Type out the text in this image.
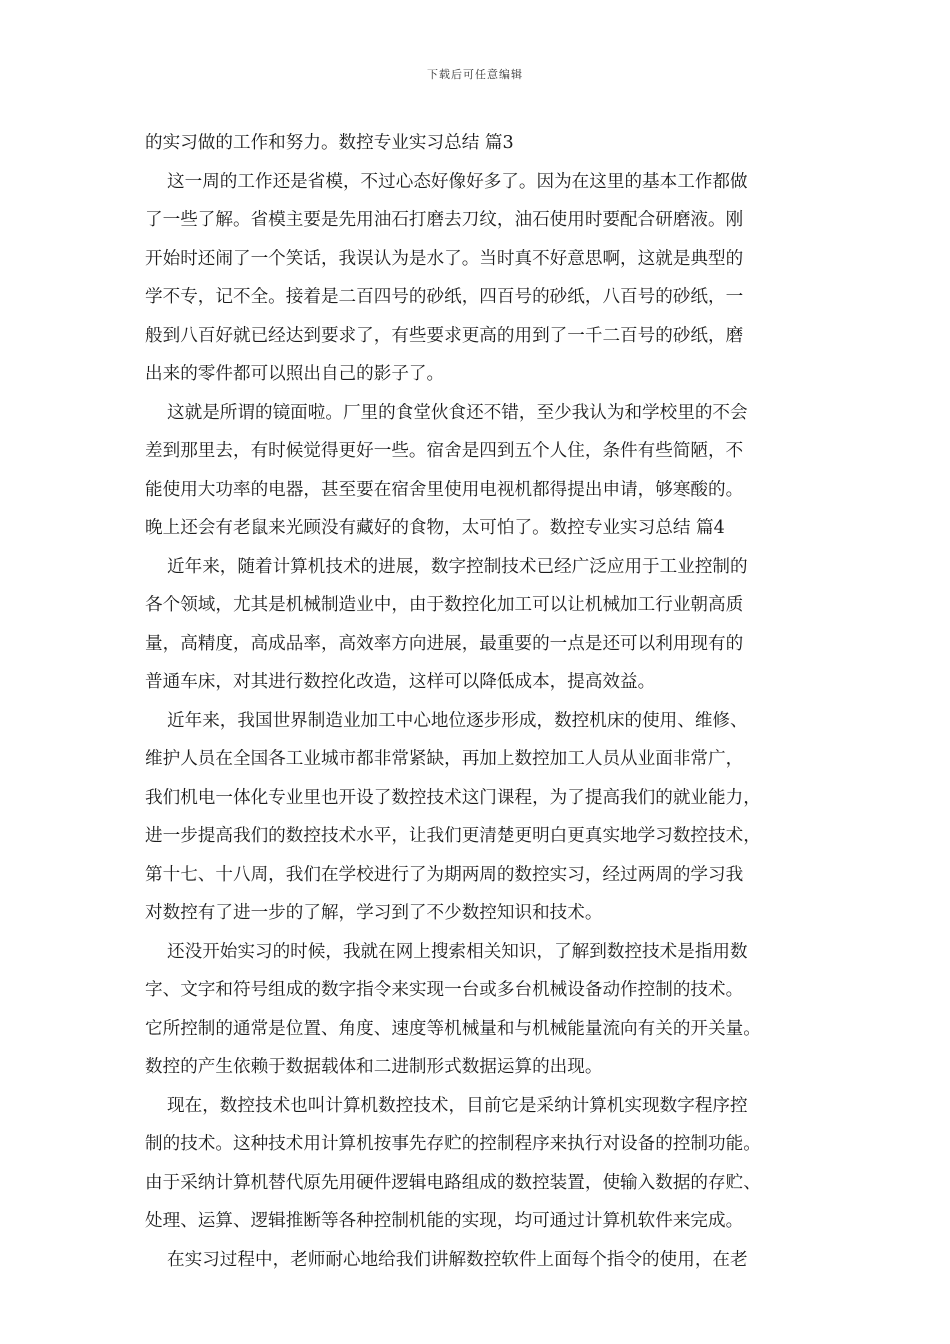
下载后可任意编辑
的实习做的工作和努力。数控专业实习总结 篇3
这一周的工作还是省模，不过心态好像好多了。因为在这里的基本工作都做
了一些了解。省模主要是先用油石打磨去刀纹，油石使用时要配合研磨液。刚
开始时还闹了一个笑话，我误认为是水了。当时真不好意思啊，这就是典型的
学不专，记不全。接着是二百四号的砂纸，四百号的砂纸，八百号的砂纸，一
般到八百好就已经达到要求了，有些要求更高的用到了一千二百号的砂纸，磨
出来的零件都可以照出自己的影子了。
这就是所谓的镜面啦。厂里的食堂伙食还不错，至少我认为和学校里的不会
差到那里去，有时候觉得更好一些。宿舍是四到五个人住，条件有些简陋，不
能使用大功率的电器，甚至要在宿舍里使用电视机都得提出申请，够寒酸的。
晚上还会有老鼠来光顾没有藏好的食物，太可怕了。数控专业实习总结 篇4
近年来，随着计算机技术的进展，数字控制技术已经广泛应用于工业控制的
各个领域，尤其是机械制造业中，由于数控化加工可以让机械加工行业朝高质
量，高精度，高成品率，高效率方向进展，最重要的一点是还可以利用现有的
普通车床，对其进行数控化改造，这样可以降低成本，提高效益。
近年来，我国世界制造业加工中心地位逐步形成，数控机床的使用、维修、
维护人员在全国各工业城市都非常紧缺，再加上数控加工人员从业面非常广，
我们机电一体化专业里也开设了数控技术这门课程，为了提高我们的就业能力，
进一步提高我们的数控技术水平，让我们更清楚更明白更真实地学习数控技术，
第十七、十八周，我们在学校进行了为期两周的数控实习，经过两周的学习我
对数控有了进一步的了解，学习到了不少数控知识和技术。
还没开始实习的时候，我就在网上搜索相关知识，了解到数控技术是指用数
字、文字和符号组成的数字指令来实现一台或多台机械设备动作控制的技术。
它所控制的通常是位置、角度、速度等机械量和与机械能量流向有关的开关量。
数控的产生依赖于数据载体和二进制形式数据运算的出现。
现在，数控技术也叫计算机数控技术，目前它是采纳计算机实现数字程序控
制的技术。这种技术用计算机按事先存贮的控制程序来执行对设备的控制功能。
由于采纳计算机替代原先用硬件逻辑电路组成的数控装置，使输入数据的存贮、
处理、运算、逻辑推断等各种控制机能的实现，均可通过计算机软件来完成。
在实习过程中，老师耐心地给我们讲解数控软件上面每个指令的使用，在老
